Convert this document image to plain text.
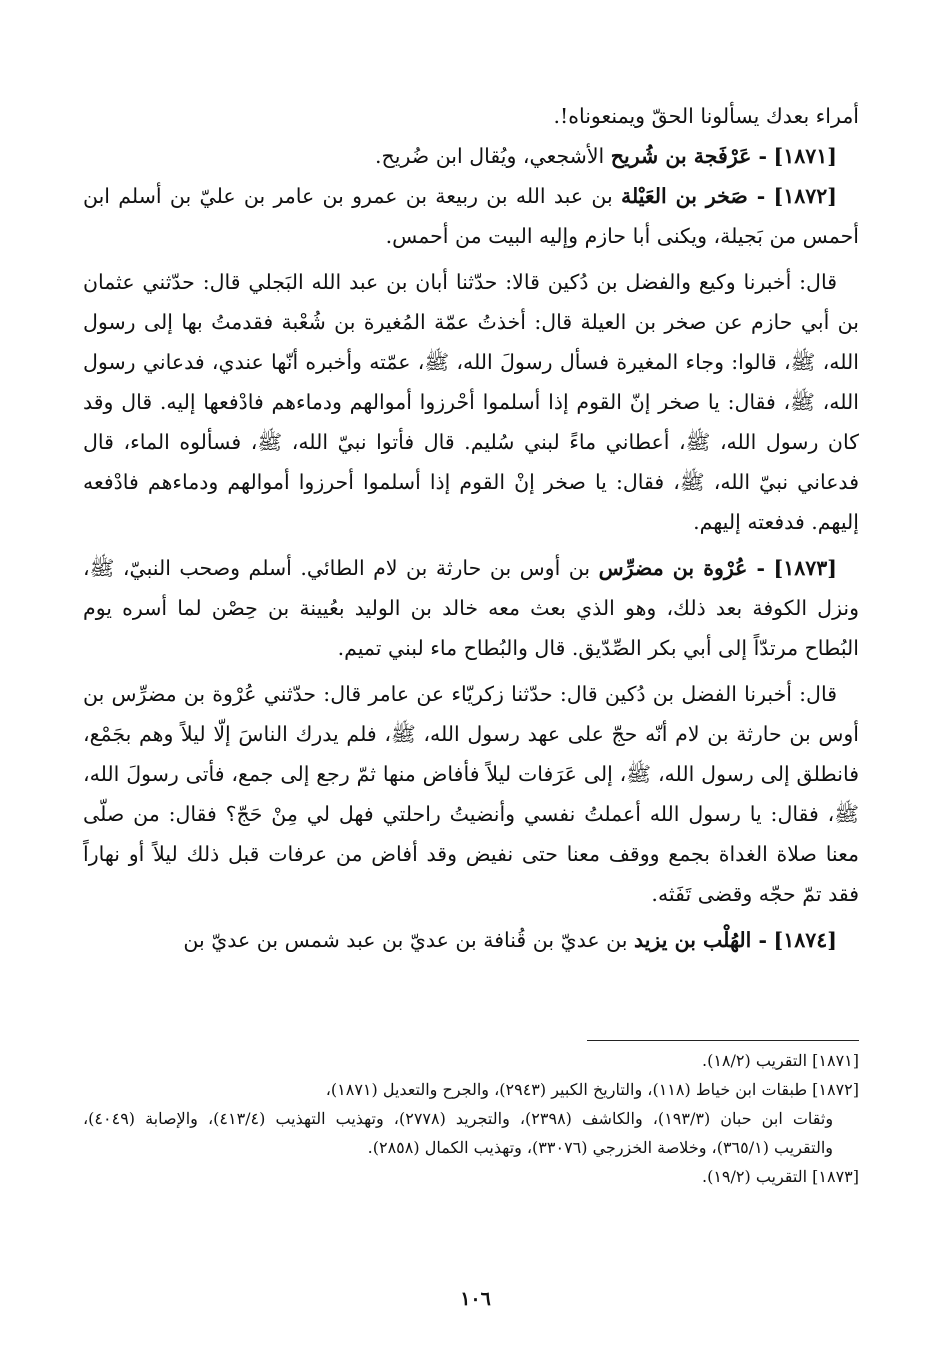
أمراء بعدك يسألونا الحقّ ويمنعوناه!.

[١٨٧١] - عَرْفَجة بن شُريح الأشجعي، ويُقال ابن ضُريح.

[١٨٧٢] - صَخر بن العَيْلة بن عبد الله بن ربيعة بن عمرو بن عامر بن عليّ بن أسلم ابن أحمس من بَجيلة، ويكنى أبا حازم وإليه البيت من أحمس.

قال: أخبرنا وكيع والفضل بن دُكين قالا: حدّثنا أبان بن عبد الله البَجلي قال: حدّثني عثمان بن أبي حازم عن صخر بن العيلة قال: أخذتُ عمّة المُغيرة بن شُعْبة فقدمتُ بها إلى رسول الله، ﷺ، قالوا: وجاء المغيرة فسأل رسولَ الله، ﷺ، عمّته وأخبره أنّها عندي، فدعاني رسول الله، ﷺ، فقال: يا صخر إنّ القوم إذا أسلموا أحْرزوا أموالهم ودماءهم فادْفعها إليه. قال وقد كان رسول الله، ﷺ، أعطاني ماءً لبني سُليم. قال فأتوا نبيّ الله، ﷺ، فسألوه الماء، قال فدعاني نبيّ الله، ﷺ، فقال: يا صخر إنْ القوم إذا أسلموا أحرزوا أموالهم ودماءهم فادْفعه إليهم. فدفعته إليهم.

[١٨٧٣] - عُرْوة بن مضرِّس بن أوس بن حارثة بن لام الطائي. أسلم وصحب النبيّ، ﷺ، ونزل الكوفة بعد ذلك، وهو الذي بعث معه خالد بن الوليد بعُيينة بن حِصْن لما أسره يوم البُطاح مرتدّاً إلى أبي بكر الصِّدّيق. قال والبُطاح ماء لبني تميم.

قال: أخبرنا الفضل بن دُكين قال: حدّثنا زكريّاء عن عامر قال: حدّثني عُرْوة بن مضرِّس بن أوس بن حارثة بن لام أنّه حجّ على عهد رسول الله، ﷺ، فلم يدرك الناسَ إلّا ليلاً وهم بجَمْع، فانطلق إلى رسول الله، ﷺ، إلى عَرَفات ليلاً فأفاض منها ثمّ رجع إلى جمع، فأتى رسولَ الله، ﷺ، فقال: يا رسول الله أعملتُ نفسي وأنضيتُ راحلتي فهل لي مِنْ حَجّ؟ فقال: من صلّى معنا صلاة الغداة بجمع ووقف معنا حتى نفيض وقد أفاض من عرفات قبل ذلك ليلاً أو نهاراً فقد تمّ حجّه وقضى تَفَثه.

[١٨٧٤] - الهُلْب بن يزيد بن عديّ بن قُنافة بن عديّ بن عبد شمس بن عديّ بن

[١٨٧١] التقريب (١٨/٢).

[١٨٧٢] طبقات ابن خياط (١١٨)، والتاريخ الكبير (٢٩٤٣)، والجرح والتعديل (١٨٧١)،
وثقات ابن حبان (١٩٣/٣)، والكاشف (٢٣٩٨)، والتجريد (٢٧٧٨)، وتهذيب التهذيب (٤١٣/٤)، والإصابة (٤٠٤٩)، والتقريب (٣٦٥/١)، وخلاصة الخزرجي (٣٣٠٧٦)، وتهذيب الكمال (٢٨٥٨).

[١٨٧٣] التقريب (١٩/٢).

١٠٦
